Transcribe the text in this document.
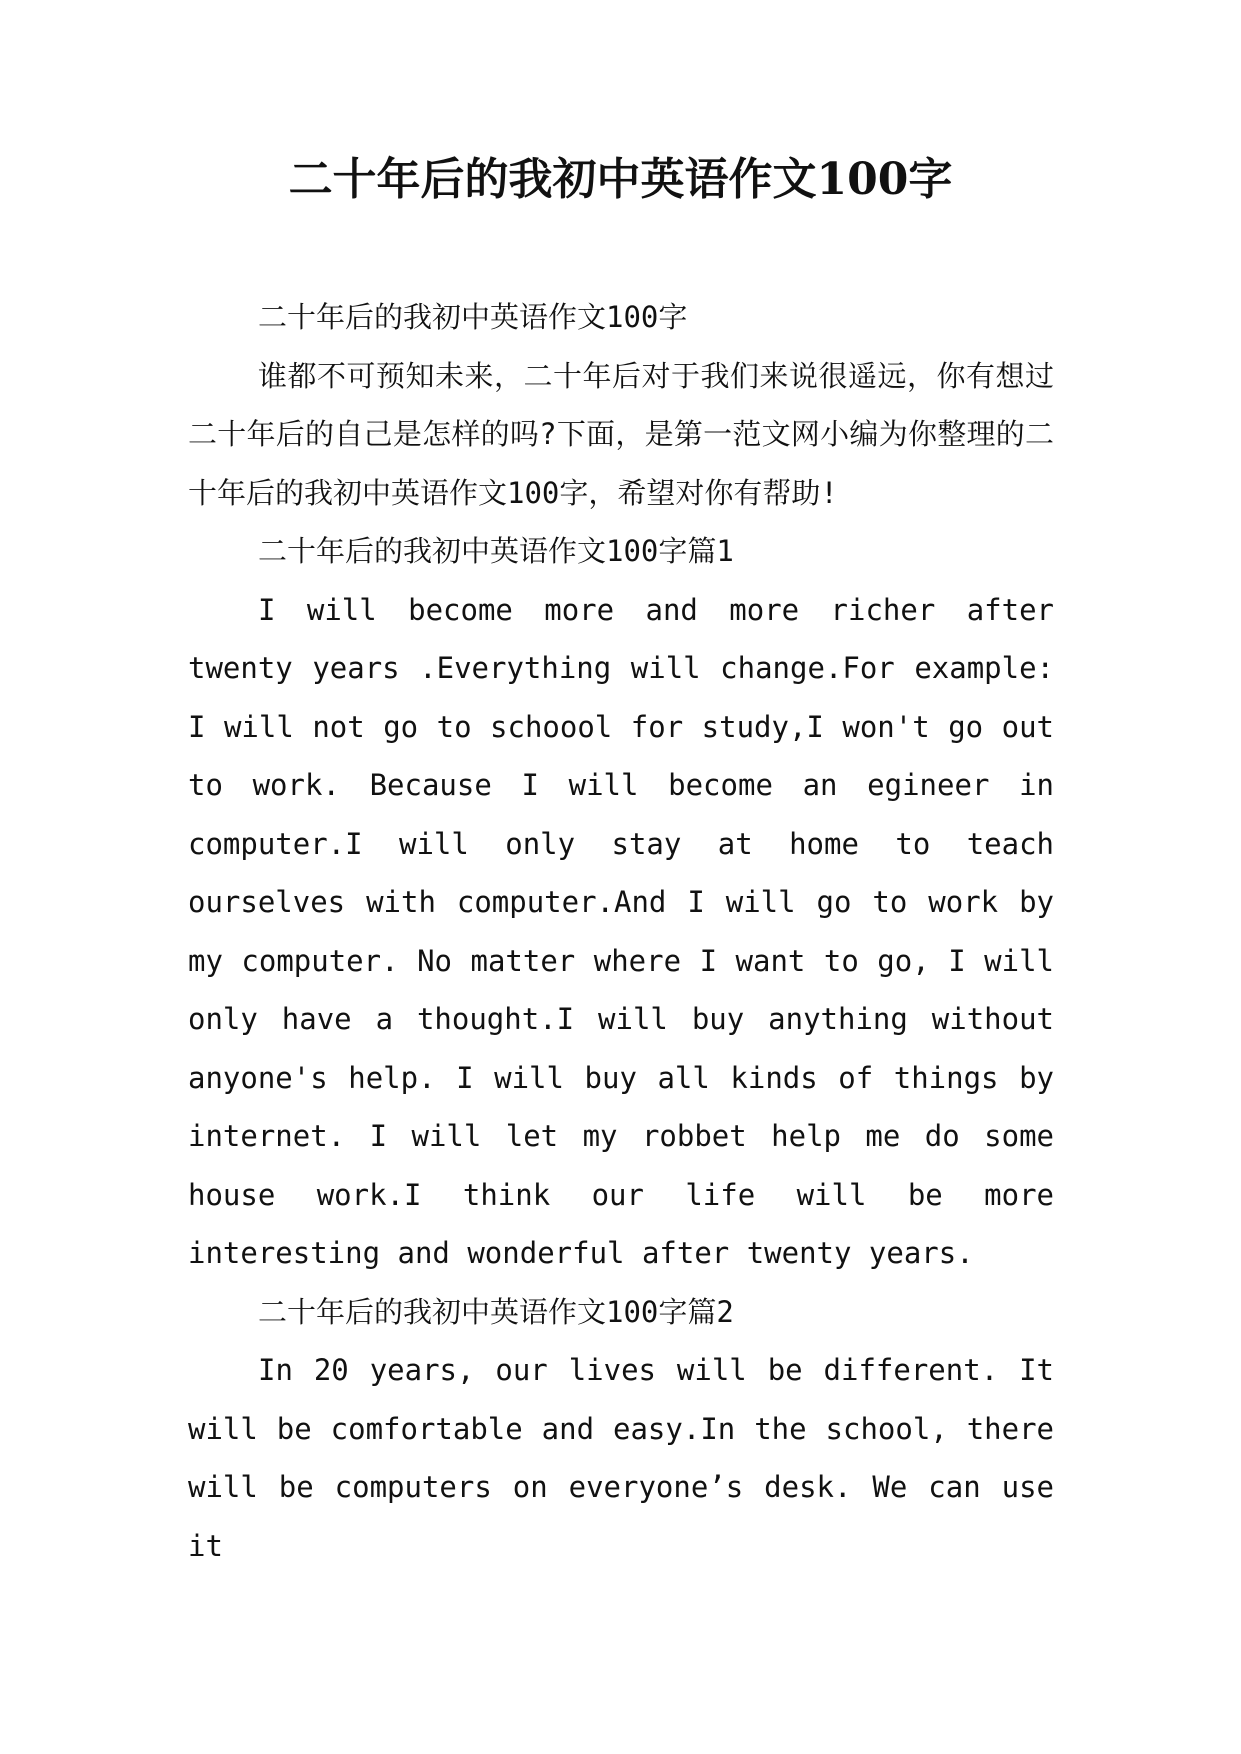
二十年后的我初中英语作文100字

二十年后的我初中英语作文100字

谁都不可预知未来，二十年后对于我们来说很遥远，你有想过二十年后的自己是怎样的吗?下面，是第一范文网小编为你整理的二十年后的我初中英语作文100字，希望对你有帮助!

二十年后的我初中英语作文100字篇1

I will become more and more richer after twenty years .Everything will change.For example: I will not go to schoool for study,I won't go out to work. Because I will become an egineer in computer.I will only stay at home to teach ourselves with computer.And I will go to work by my computer. No matter where I want to go, I will only have a thought.I will buy anything without anyone's help. I will buy all kinds of things by internet. I will let my robbet help me do some house work.I think our life will be more interesting and wonderful after twenty years.

二十年后的我初中英语作文100字篇2

In 20 years, our lives will be different. It will be comfortable and easy.In the school, there will be computers on everyone’s desk. We can use it
